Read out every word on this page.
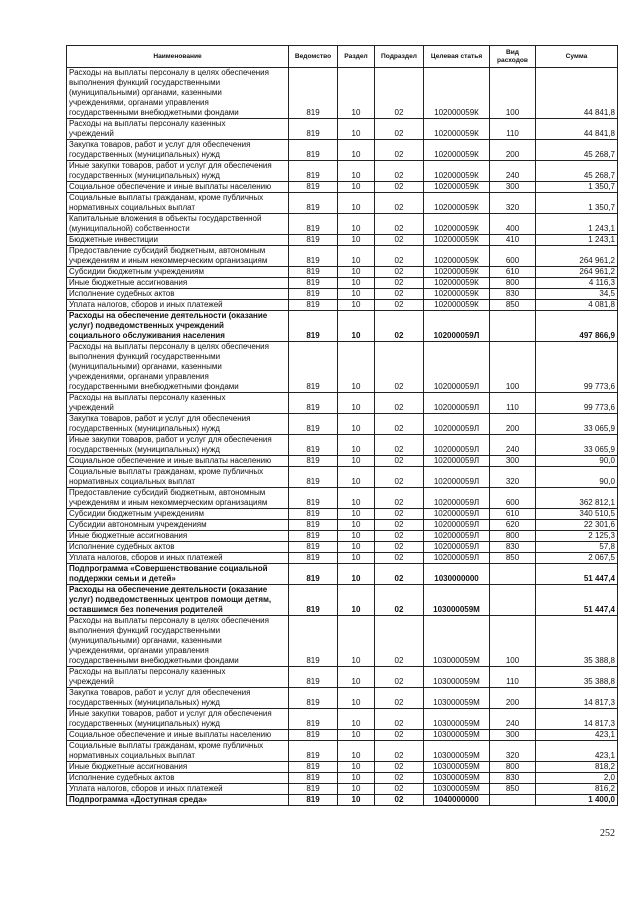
Наименование	Ведомство	Раздел	Подраздел	Целевая статья	Вид расходов	Сумма

Расходы на выплаты персоналу в целях обеспечения
выполнения функций государственными
(муниципальными) органами, казенными
учреждениями, органами управления
государственными внебюджетными фондами	819	10	02	102000059К	100	44 841,8

Расходы на выплаты персоналу казенных
учреждений	819	10	02	102000059К	110	44 841,8

Закупка товаров, работ и услуг для обеспечения
государственных (муниципальных) нужд	819	10	02	102000059К	200	45 268,7

Иные закупки товаров, работ и услуг для обеспечения
государственных (муниципальных) нужд	819	10	02	102000059К	240	45 268,7

Социальное обеспечение и иные выплаты населению	819	10	02	102000059К	300	1 350,7

Социальные выплаты гражданам, кроме публичных
нормативных социальных выплат	819	10	02	102000059К	320	1 350,7

Капитальные вложения в объекты государственной
(муниципальной) собственности	819	10	02	102000059К	400	1 243,1

Бюджетные инвестиции	819	10	02	102000059К	410	1 243,1

Предоставление субсидий бюджетным, автономным
учреждениям и иным некоммерческим организациям	819	10	02	102000059К	600	264 961,2

Субсидии бюджетным учреждениям	819	10	02	102000059К	610	264 961,2

Иные бюджетные ассигнования	819	10	02	102000059К	800	4 116,3

Исполнение судебных актов	819	10	02	102000059К	830	34,5

Уплата налогов, сборов и иных платежей	819	10	02	102000059К	850	4 081,8

Расходы на обеспечение деятельности (оказание
услуг) подведомственных учреждений
социального обслуживания населения	819	10	02	102000059Л		497 866,9

Расходы на выплаты персоналу в целях обеспечения
выполнения функций государственными
(муниципальными) органами, казенными
учреждениями, органами управления
государственными внебюджетными фондами	819	10	02	102000059Л	100	99 773,6

Расходы на выплаты персоналу казенных
учреждений	819	10	02	102000059Л	110	99 773,6

Закупка товаров, работ и услуг для обеспечения
государственных (муниципальных) нужд	819	10	02	102000059Л	200	33 065,9

Иные закупки товаров, работ и услуг для обеспечения
государственных (муниципальных) нужд	819	10	02	102000059Л	240	33 065,9

Социальное обеспечение и иные выплаты населению	819	10	02	102000059Л	300	90,0

Социальные выплаты гражданам, кроме публичных
нормативных социальных выплат	819	10	02	102000059Л	320	90,0

Предоставление субсидий бюджетным, автономным
учреждениям и иным некоммерческим организациям	819	10	02	102000059Л	600	362 812,1

Субсидии бюджетным учреждениям	819	10	02	102000059Л	610	340 510,5

Субсидии автономным учреждениям	819	10	02	102000059Л	620	22 301,6

Иные бюджетные ассигнования	819	10	02	102000059Л	800	2 125,3

Исполнение судебных актов	819	10	02	102000059Л	830	57,8

Уплата налогов, сборов и иных платежей	819	10	02	102000059Л	850	2 067,5

Подпрограмма «Совершенствование социальной
поддержки семьи и детей»	819	10	02	1030000000		51 447,4

Расходы на обеспечение деятельности (оказание
услуг) подведомственных центров помощи детям,
оставшимся без попечения родителей	819	10	02	103000059М		51 447,4

Расходы на выплаты персоналу в целях обеспечения
выполнения функций государственными
(муниципальными) органами, казенными
учреждениями, органами управления
государственными внебюджетными фондами	819	10	02	103000059М	100	35 388,8

Расходы на выплаты персоналу казенных
учреждений	819	10	02	103000059М	110	35 388,8

Закупка товаров, работ и услуг для обеспечения
государственных (муниципальных) нужд	819	10	02	103000059М	200	14 817,3

Иные закупки товаров, работ и услуг для обеспечения
государственных (муниципальных) нужд	819	10	02	103000059М	240	14 817,3

Социальное обеспечение и иные выплаты населению	819	10	02	103000059М	300	423,1

Социальные выплаты гражданам, кроме публичных
нормативных социальных выплат	819	10	02	103000059М	320	423,1

Иные бюджетные ассигнования	819	10	02	103000059М	800	818,2

Исполнение судебных актов	819	10	02	103000059М	830	2,0

Уплата налогов, сборов и иных платежей	819	10	02	103000059М	850	816,2

Подпрограмма «Доступная среда»	819	10	02	1040000000		1 400,0
252
